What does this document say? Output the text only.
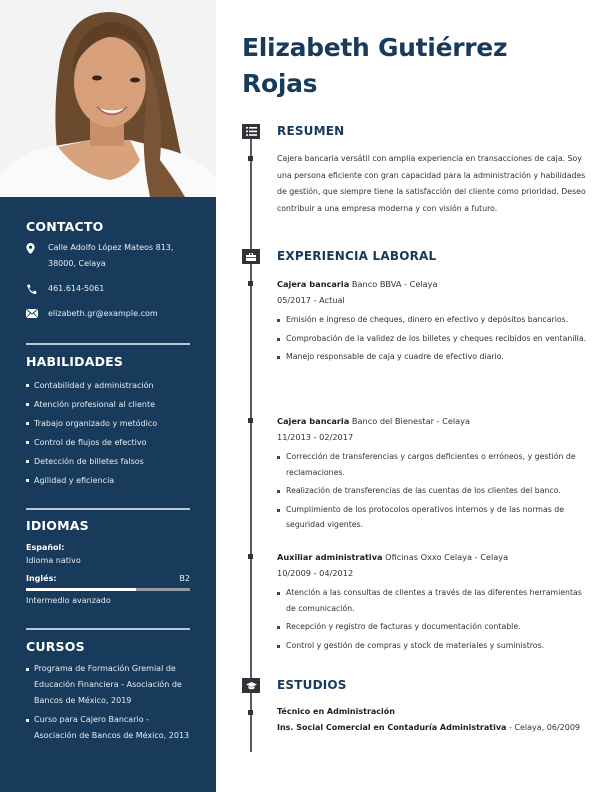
CONTACTO
Calle Adolfo López Mateos 813,
38000, Celaya
461.614-5061
elizabeth.gr@example.com
HABILIDADES
Contabilidad y administración
Atención profesional al cliente
Trabajo organizado y metódico
Control de flujos de efectivo
Detección de billetes falsos
Agilidad y eficiencia
IDIOMAS
Español:
Idioma nativo
Inglés:	B2
Intermedio avanzado
CURSOS
Programa de Formación Gremial de Educación Financiera - Asociación de Bancos de México, 2019
Curso para Cajero Bancario - Asociación de Bancos de México, 2013
Elizabeth Gutiérrez
Rojas
RESUMEN
Cajera bancaria versátil con amplia experiencia en transacciones de caja. Soy una persona eficiente con gran capacidad para la administración y habilidades de gestión, que siempre tiene la satisfacción del cliente como prioridad. Deseo contribuir a una empresa moderna y con visión a futuro.
EXPERIENCIA LABORAL
Cajera bancaria Banco BBVA - Celaya
05/2017 - Actual
Emisión e ingreso de cheques, dinero en efectivo y depósitos bancarios.
Comprobación de la validez de los billetes y cheques recibidos en ventanilla.
Manejo responsable de caja y cuadre de efectivo diario.
Cajera bancaria Banco del Bienestar - Celaya
11/2013 - 02/2017
Corrección de transferencias y cargos deficientes o erróneos, y gestión de reclamaciones.
Realización de transferencias de las cuentas de los clientes del banco.
Cumplimiento de los protocolos operativos internos y de las normas de seguridad vigentes.
Auxiliar administrativa Oficinas Oxxo Celaya - Celaya
10/2009 - 04/2012
Atención a las consultas de clientes a través de las diferentes herramientas de comunicación.
Recepción y registro de facturas y documentación contable.
Control y gestión de compras y stock de materiales y suministros.
ESTUDIOS
Técnico en Administración
Ins. Social Comercial en Contaduría Administrativa - Celaya, 06/2009
